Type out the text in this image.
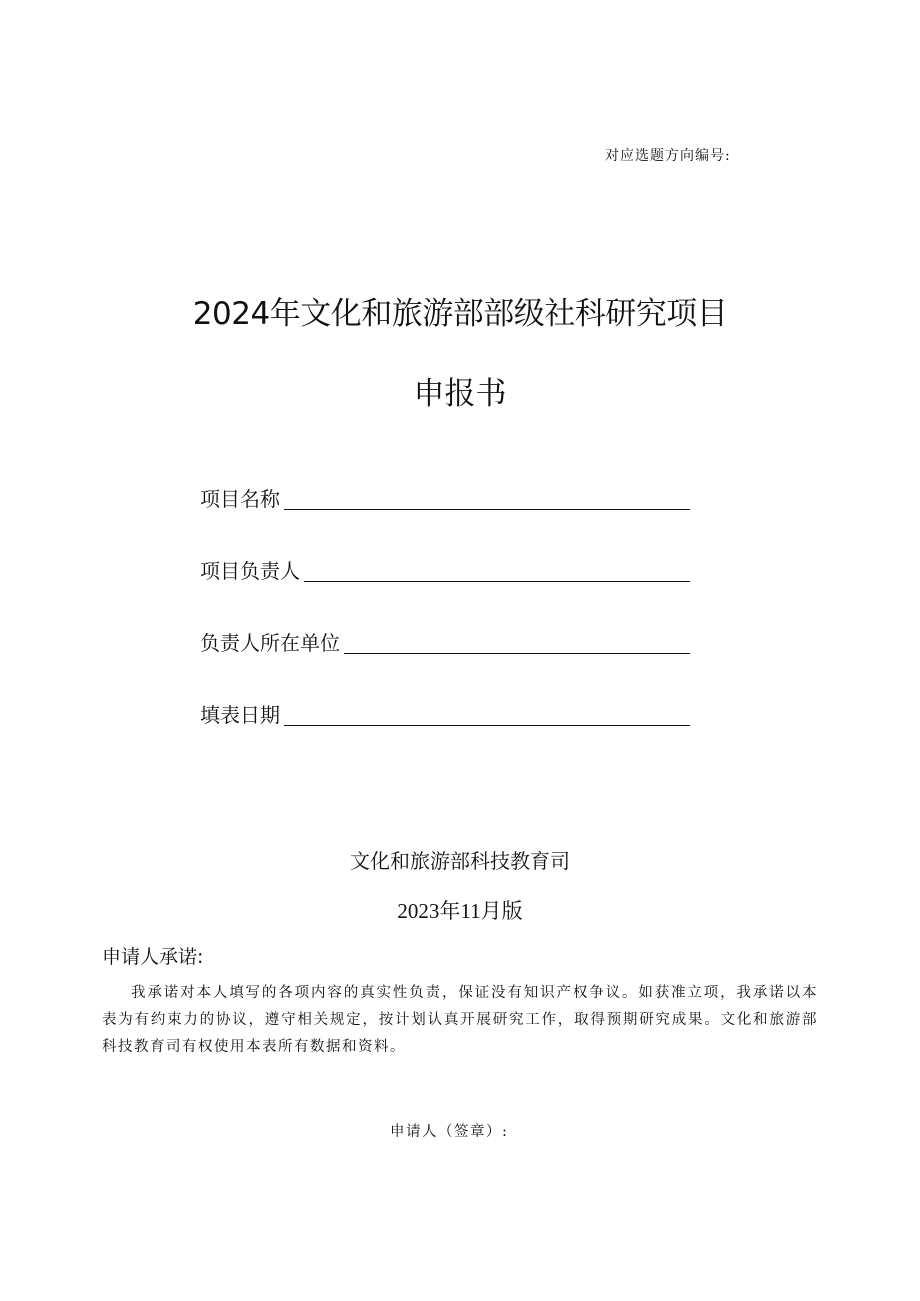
对应选题方向编号:
2024年文化和旅游部部级社科研究项目
申报书
项目名称
项目负责人
负责人所在单位
填表日期
文化和旅游部科技教育司
2023年11月版
申请人承诺:
我承诺对本人填写的各项内容的真实性负责，保证没有知识产权争议。如获准立项，我承诺以本表为有约束力的协议，遵守相关规定，按计划认真开展研究工作，取得预期研究成果。文化和旅游部科技教育司有权使用本表所有数据和资料。
申请人（签章）:
